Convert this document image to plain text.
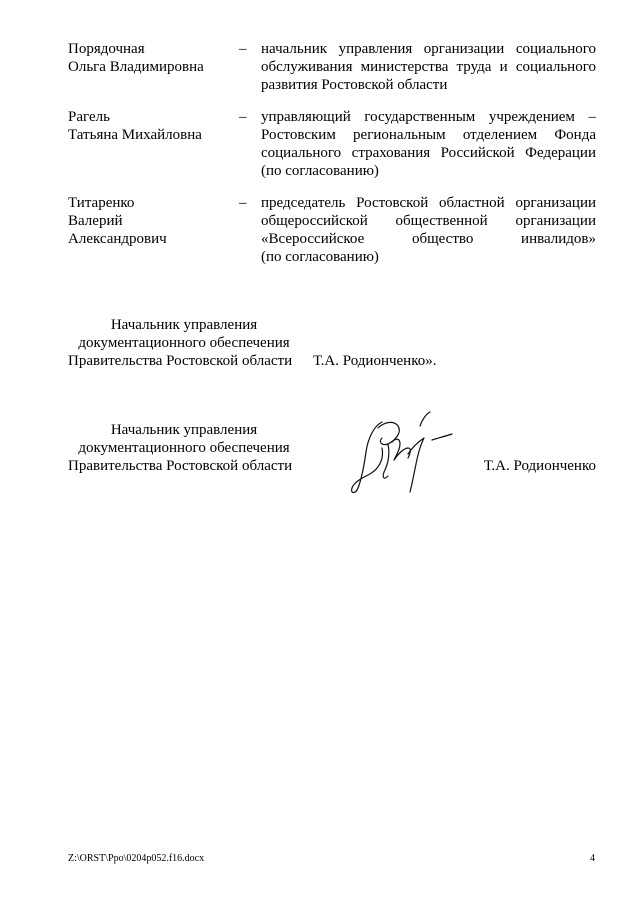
Порядочная
Ольга Владимировна
– начальник управления организации социального
обслуживания министерства труда и социального
развития Ростовской области
Рагель
Татьяна Михайловна
– управляющий государственным учреждением –
Ростовским региональным отделением Фонда
социального страхования Российской Федерации
(по согласованию)
Титаренко
Валерий
Александрович
– председатель Ростовской областной организации
общероссийской общественной организации
«Всероссийское общество инвалидов»
(по согласованию)
Начальник управления
документационного обеспечения
Правительства Ростовской области	Т.А. Родионченко».
Начальник управления
документационного обеспечения
Правительства Ростовской области	Т.А. Родионченко
Z:\ORST\Ppo\0204p052.f16.docx	4
